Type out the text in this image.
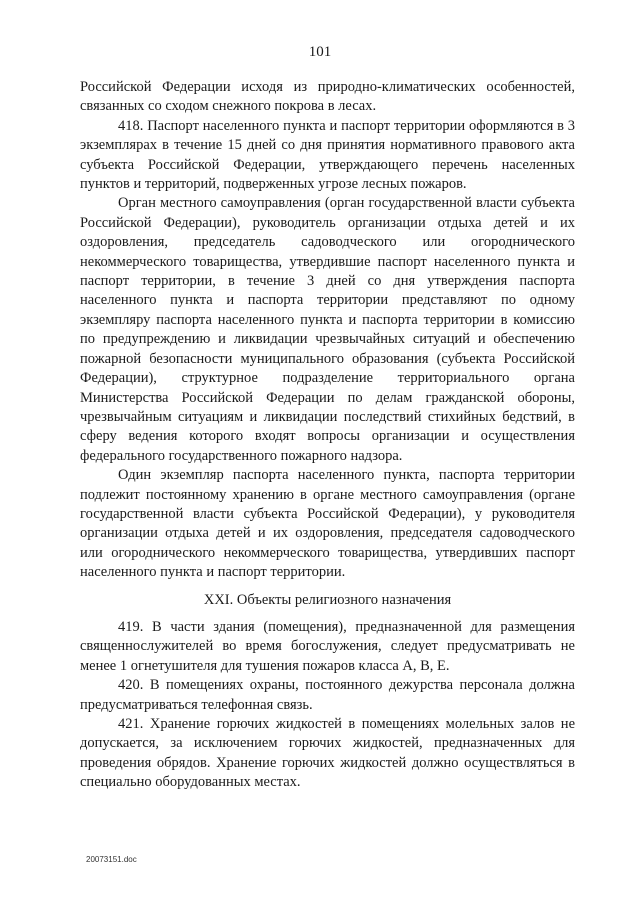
101

Российской Федерации исходя из природно-климатических особенностей, связанных со сходом снежного покрова в лесах.

418. Паспорт населенного пункта и паспорт территории оформляются в 3 экземплярах в течение 15 дней со дня принятия нормативного правового акта субъекта Российской Федерации, утверждающего перечень населенных пунктов и территорий, подверженных угрозе лесных пожаров.

Орган местного самоуправления (орган государственной власти субъекта Российской Федерации), руководитель организации отдыха детей и их оздоровления, председатель садоводческого или огороднического некоммерческого товарищества, утвердившие паспорт населенного пункта и паспорт территории, в течение 3 дней со дня утверждения паспорта населенного пункта и паспорта территории представляют по одному экземпляру паспорта населенного пункта и паспорта территории в комиссию по предупреждению и ликвидации чрезвычайных ситуаций и обеспечению пожарной безопасности муниципального образования (субъекта Российской Федерации), структурное подразделение территориального органа Министерства Российской Федерации по делам гражданской обороны, чрезвычайным ситуациям и ликвидации последствий стихийных бедствий, в сферу ведения которого входят вопросы организации и осуществления федерального государственного пожарного надзора.

Один экземпляр паспорта населенного пункта, паспорта территории подлежит постоянному хранению в органе местного самоуправления (органе государственной власти субъекта Российской Федерации), у руководителя организации отдыха детей и их оздоровления, председателя садоводческого или огороднического некоммерческого товарищества, утвердивших паспорт населенного пункта и паспорт территории.

XXI. Объекты религиозного назначения

419. В части здания (помещения), предназначенной для размещения священнослужителей во время богослужения, следует предусматривать не менее 1 огнетушителя для тушения пожаров класса А, В, Е.

420. В помещениях охраны, постоянного дежурства персонала должна предусматриваться телефонная связь.

421. Хранение горючих жидкостей в помещениях молельных залов не допускается, за исключением горючих жидкостей, предназначенных для проведения обрядов. Хранение горючих жидкостей должно осуществляться в специально оборудованных местах.

20073151.doc
